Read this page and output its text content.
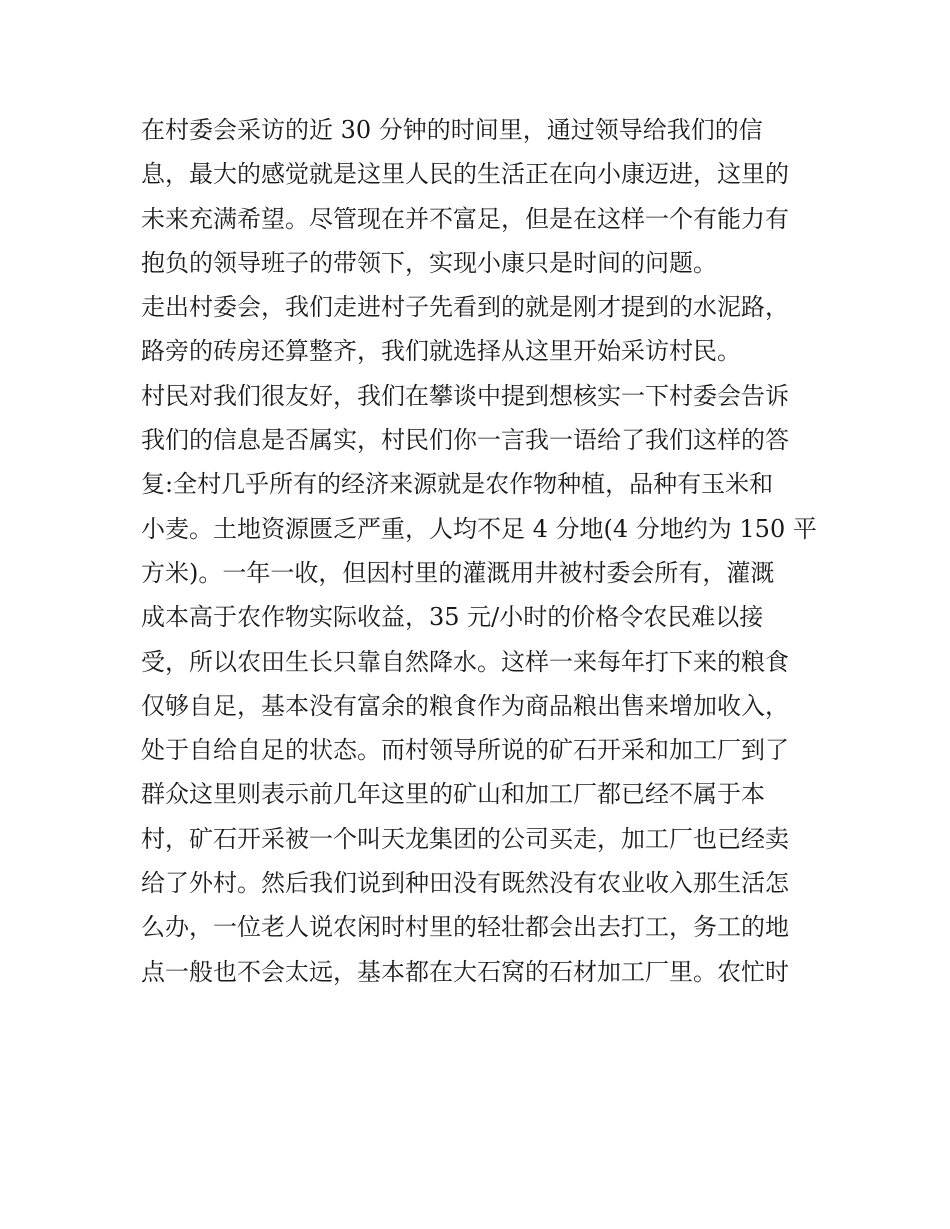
在村委会采访的近 30 分钟的时间里，通过领导给我们的信
息，最大的感觉就是这里人民的生活正在向小康迈进，这里的
未来充满希望。尽管现在并不富足，但是在这样一个有能力有
抱负的领导班子的带领下，实现小康只是时间的问题。
走出村委会，我们走进村子先看到的就是刚才提到的水泥路，
路旁的砖房还算整齐，我们就选择从这里开始采访村民。
村民对我们很友好，我们在攀谈中提到想核实一下村委会告诉
我们的信息是否属实，村民们你一言我一语给了我们这样的答
复:全村几乎所有的经济来源就是农作物种植，品种有玉米和
小麦。土地资源匮乏严重，人均不足 4 分地(4 分地约为 150 平
方米)。一年一收，但因村里的灌溉用井被村委会所有，灌溉
成本高于农作物实际收益，35 元/小时的价格令农民难以接
受，所以农田生长只靠自然降水。这样一来每年打下来的粮食
仅够自足，基本没有富余的粮食作为商品粮出售来增加收入，
处于自给自足的状态。而村领导所说的矿石开采和加工厂到了
群众这里则表示前几年这里的矿山和加工厂都已经不属于本
村，矿石开采被一个叫天龙集团的公司买走，加工厂也已经卖
给了外村。然后我们说到种田没有既然没有农业收入那生活怎
么办，一位老人说农闲时村里的轻壮都会出去打工，务工的地
点一般也不会太远，基本都在大石窝的石材加工厂里。农忙时
